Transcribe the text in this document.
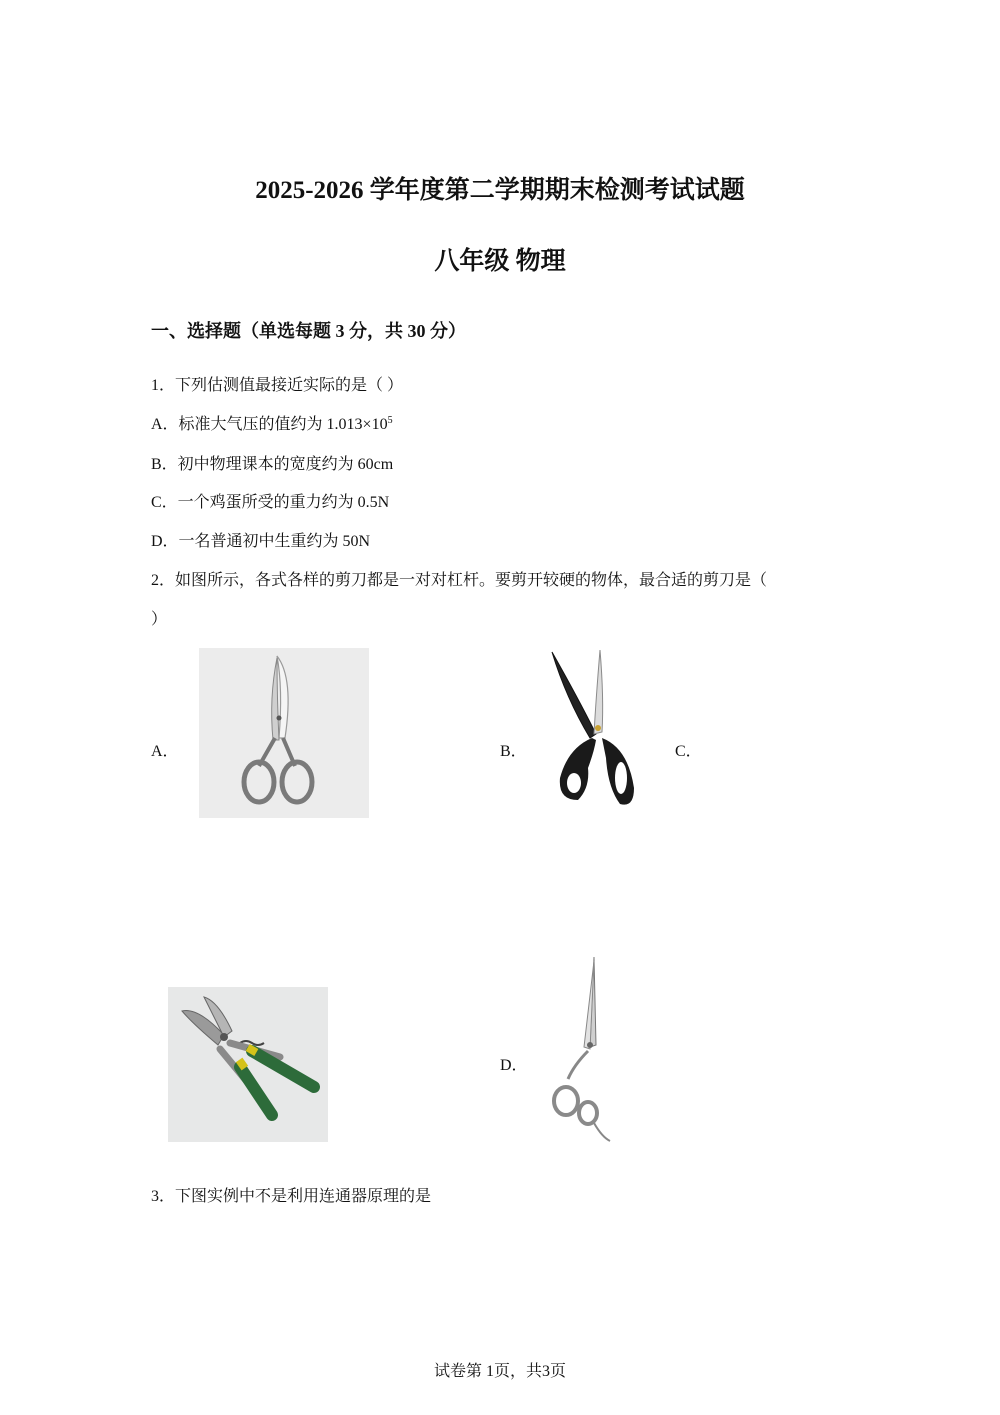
2025-2026 学年度第二学期期末检测考试试题
八年级 物理
一、选择题（单选每题 3 分，共 30 分）
1．下列估测值最接近实际的是（ ）
A．标准大气压的值约为 $1.013\times 10^5$
B．初中物理课本的宽度约为 60cm
C．一个鸡蛋所受的重力约为 0.5N
D．一名普通初中生重约为 50N
2．如图所示，各式各样的剪刀都是一对对杠杆。要剪开较硬的物体，最合适的剪刀是（
）
A．	B．	C．
D．
3．下图实例中不是利用连通器原理的是
试卷第 1页，共3页
